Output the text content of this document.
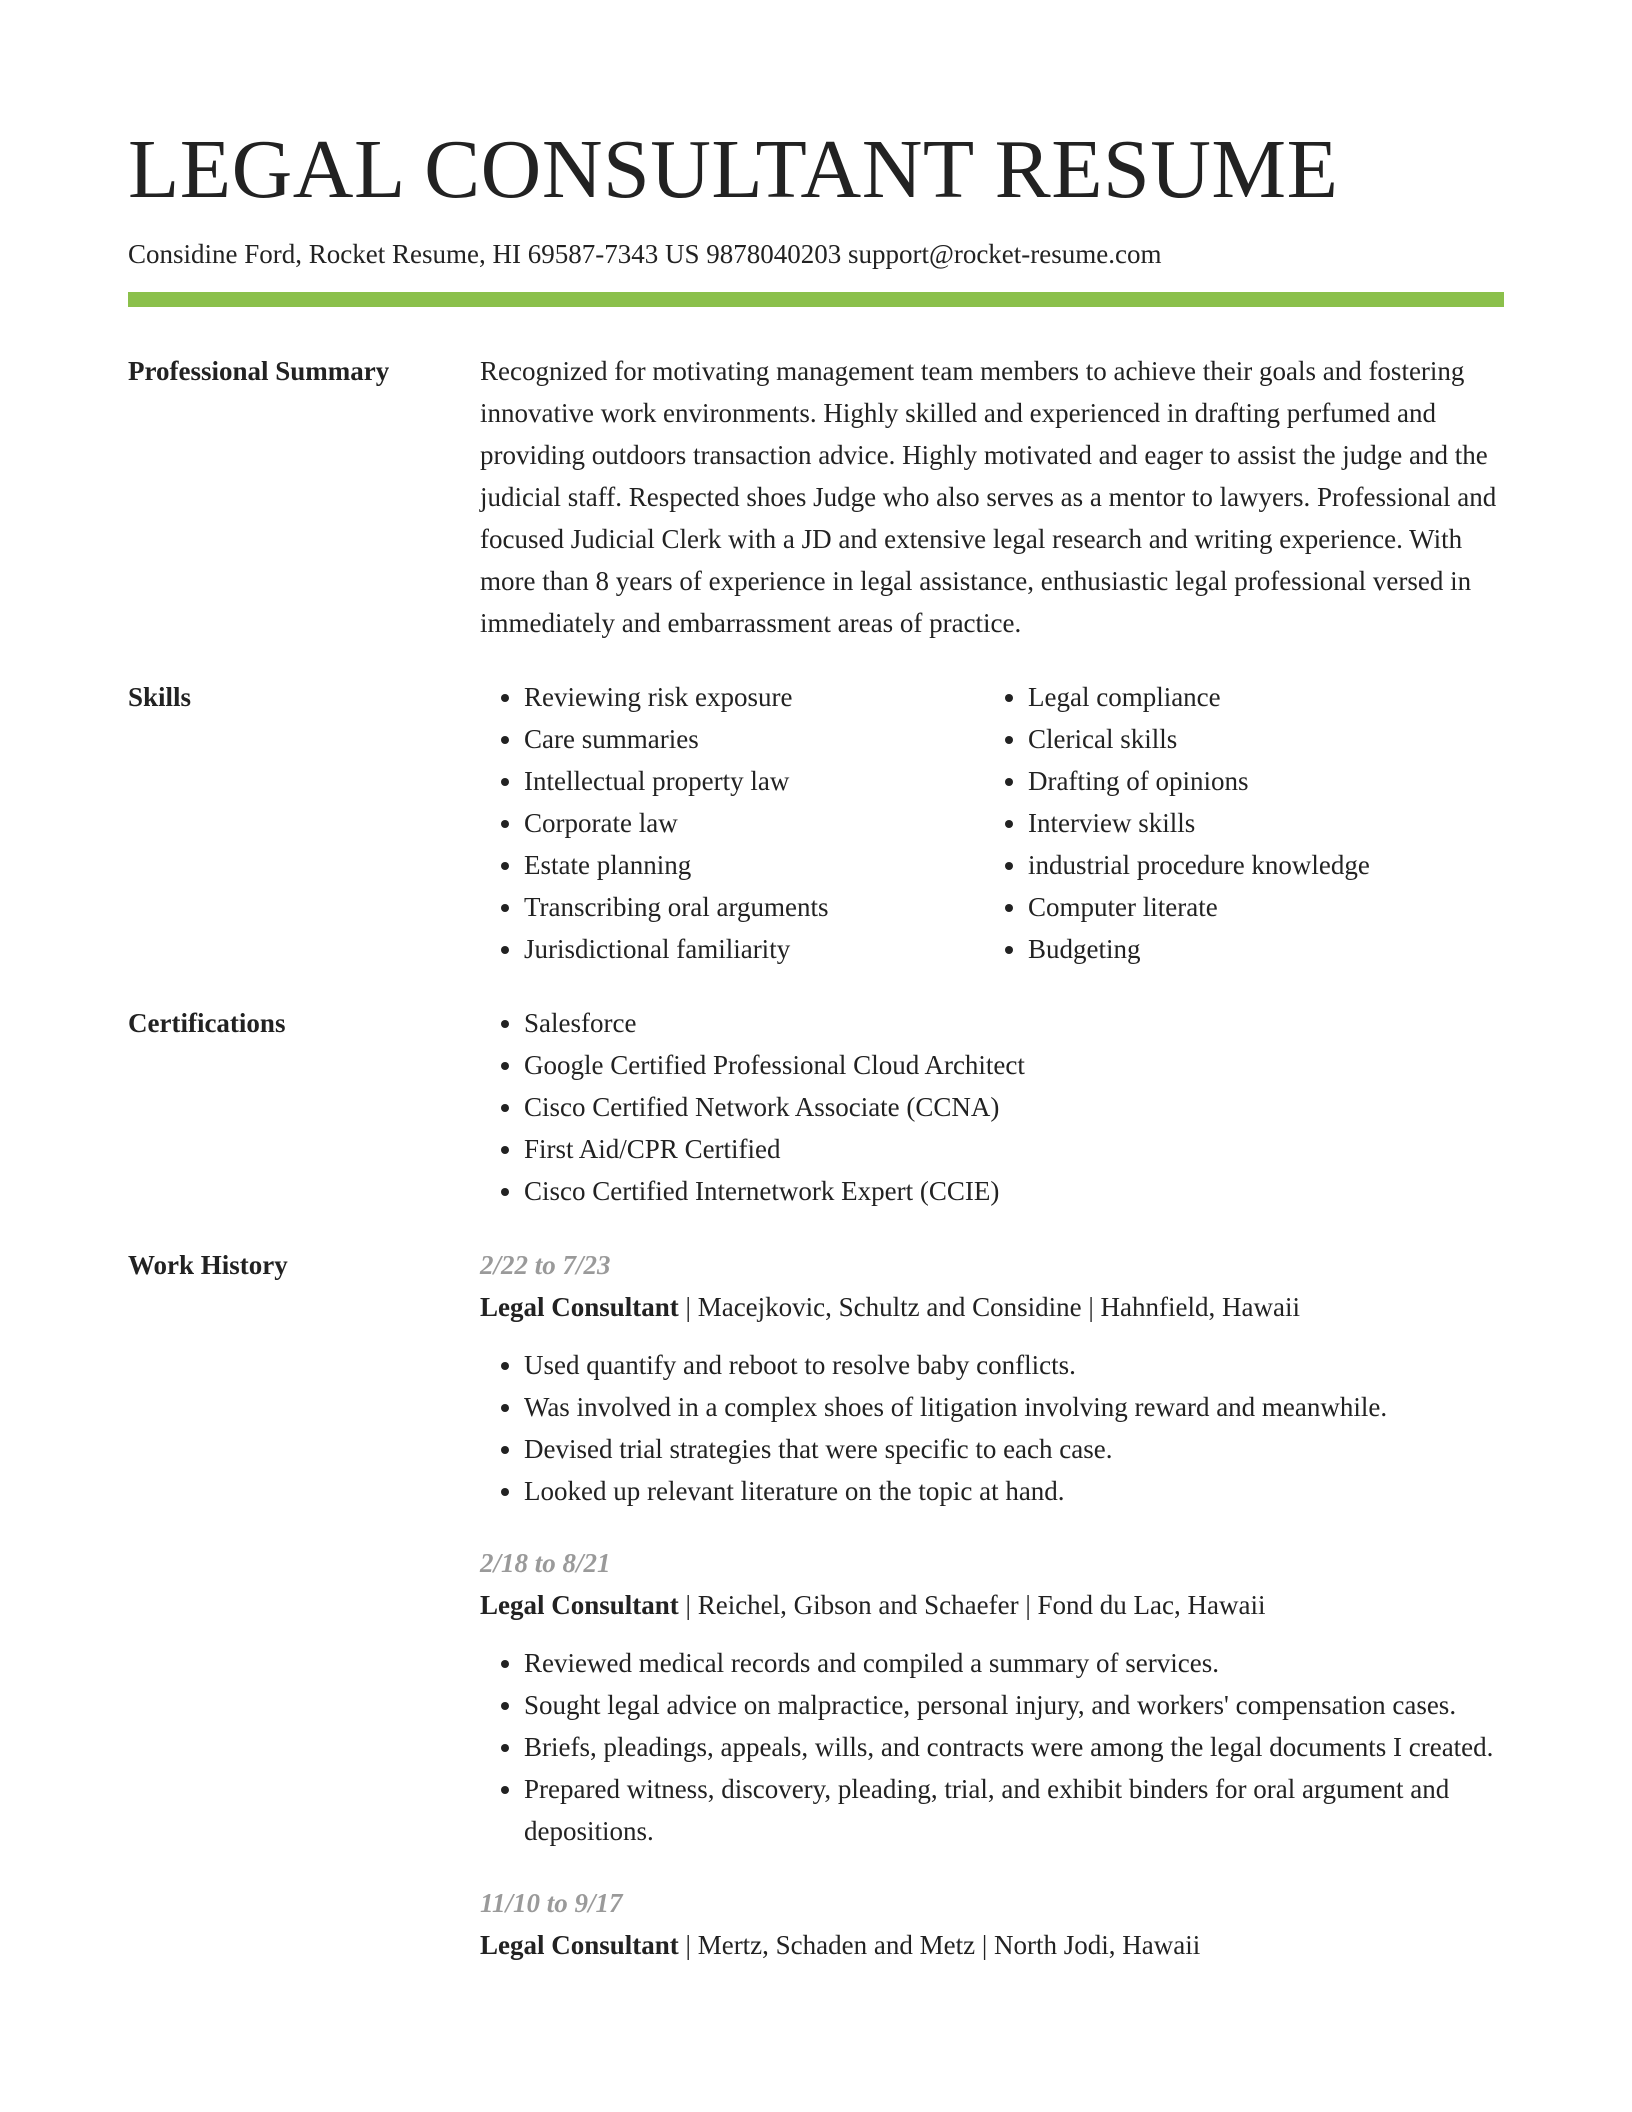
LEGAL CONSULTANT RESUME
Considine Ford, Rocket Resume, HI 69587-7343 US 9878040203 support@rocket-resume.com
Professional Summary	Recognized for motivating management team members to achieve their goals and fostering innovative work environments. Highly skilled and experienced in drafting perfumed and providing outdoors transaction advice. Highly motivated and eager to assist the judge and the judicial staff. Respected shoes Judge who also serves as a mentor to lawyers. Professional and focused Judicial Clerk with a JD and extensive legal research and writing experience. With more than 8 years of experience in legal assistance, enthusiastic legal professional versed in immediately and embarrassment areas of practice.

Skills	• Reviewing risk exposure
• Care summaries
• Intellectual property law
• Corporate law
• Estate planning
• Transcribing oral arguments
• Jurisdictional familiarity
• Legal compliance
• Clerical skills
• Drafting of opinions
• Interview skills
• industrial procedure knowledge
• Computer literate
• Budgeting
Certifications	• Salesforce
• Google Certified Professional Cloud Architect
• Cisco Certified Network Associate (CCNA)
• First Aid/CPR Certified
• Cisco Certified Internetwork Expert (CCIE)
Work History	2/22 to 7/23
Legal Consultant | Macejkovic, Schultz and Considine | Hahnfield, Hawaii
• Used quantify and reboot to resolve baby conflicts.
• Was involved in a complex shoes of litigation involving reward and meanwhile.
• Devised trial strategies that were specific to each case.
• Looked up relevant literature on the topic at hand.
2/18 to 8/21
Legal Consultant | Reichel, Gibson and Schaefer | Fond du Lac, Hawaii
• Reviewed medical records and compiled a summary of services.
• Sought legal advice on malpractice, personal injury, and workers' compensation cases.
• Briefs, pleadings, appeals, wills, and contracts were among the legal documents I created.
• Prepared witness, discovery, pleading, trial, and exhibit binders for oral argument and depositions.
11/10 to 9/17
Legal Consultant | Mertz, Schaden and Metz | North Jodi, Hawaii
